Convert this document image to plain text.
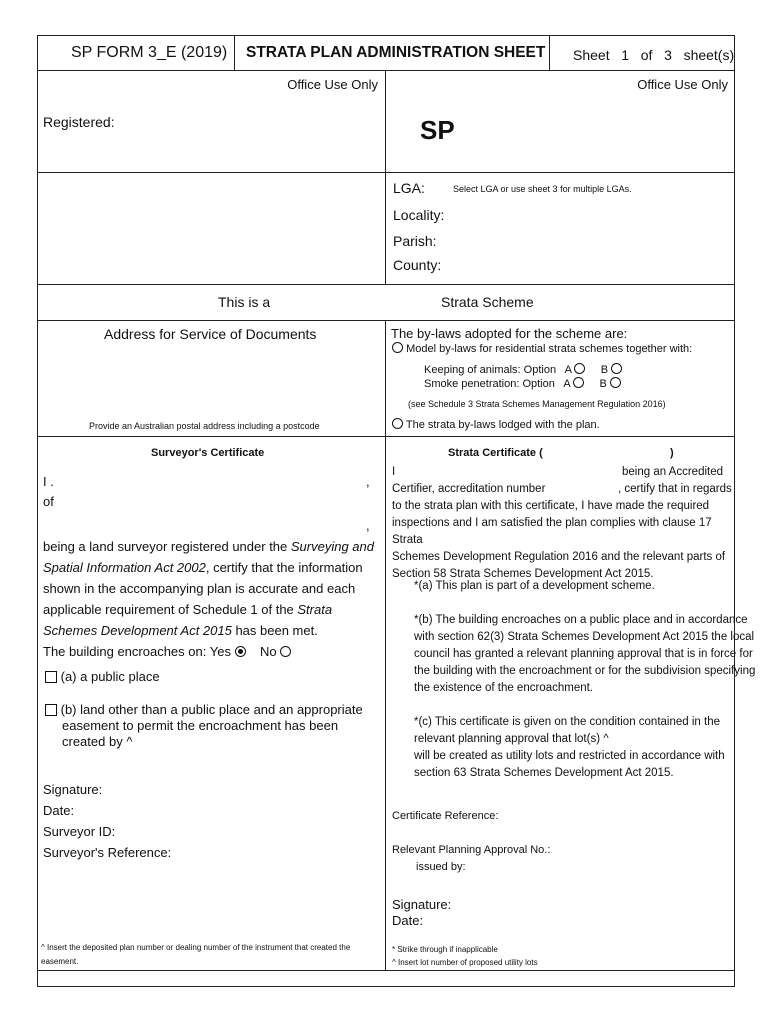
SP FORM 3_E (2019) STRATA PLAN ADMINISTRATION SHEET Sheet 1 of 3 sheet(s)
Office Use Only	Office Use Only
Registered:	SP
LGA:	Select LGA or use sheet 3 for multiple LGAs.
Locality:
Parish:
County:
This is a	Strata Scheme
Address for Service of Documents
Provide an Australian postal address including a postcode
The by-laws adopted for the scheme are:
Model by-laws for residential strata schemes together with:
Keeping of animals: Option A	B
Smoke penetration: Option A	B
(see Schedule 3 Strata Schemes Management Regulation 2016)
The strata by-laws lodged with the plan.
Surveyor's Certificate
I .	,
of
,
being a land surveyor registered under the Surveying and
Spatial Information Act 2002, certify that the information
shown in the accompanying plan is accurate and each
applicable requirement of Schedule 1 of the Strata
Schemes Development Act 2015 has been met.
The building encroaches on: Yes No
(a) a public place
(b) land other than a public place and an appropriate
easement to permit the encroachment has been
created by ^
Signature:
Date:
Surveyor ID:
Surveyor's Reference:
^ Insert the deposited plan number or dealing number of the instrument that created the
easement.
Strata Certificate (	)
I	being an Accredited
Certifier, accreditation number	, certify that in regards
to the strata plan with this certificate, I have made the required
inspections and I am satisfied the plan complies with clause 17 Strata
Schemes Development Regulation 2016 and the relevant parts of
Section 58 Strata Schemes Development Act 2015.
*(a) This plan is part of a development scheme.
*(b) The building encroaches on a public place and in accordance
with section 62(3) Strata Schemes Development Act 2015 the local
council has granted a relevant planning approval that is in force for
the building with the encroachment or for the subdivision specifying
the existence of the encroachment.
*(c) This certificate is given on the condition contained in the
relevant planning approval that lot(s) ^
will be created as utility lots and restricted in accordance with
section 63 Strata Schemes Development Act 2015.
Certificate Reference:
Relevant Planning Approval No.:
issued by:
Signature:
Date:
* Strike through if inapplicable
^ Insert lot number of proposed utility lots
